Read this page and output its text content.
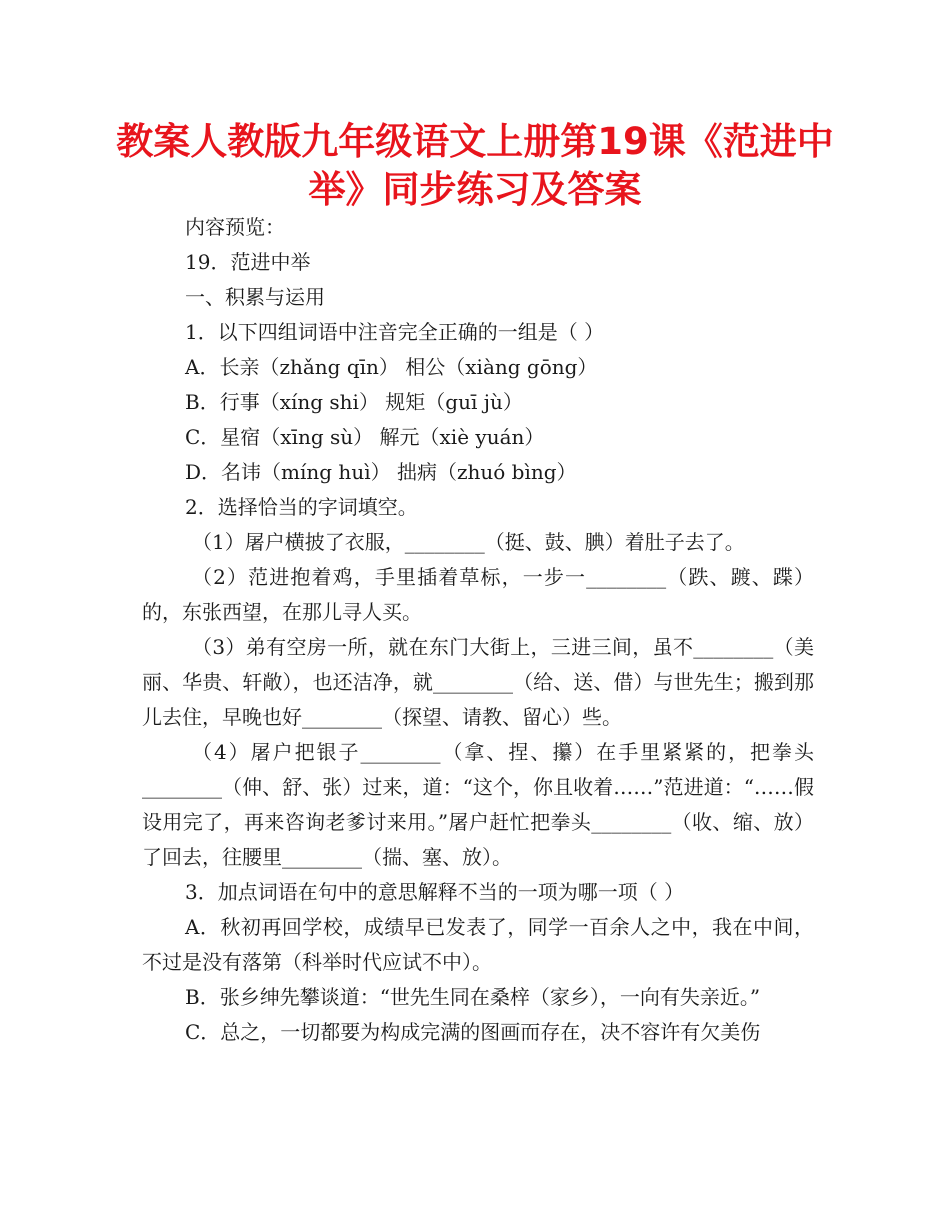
教案人教版九年级语文上册第19课《范进中举》同步练习及答案

内容预览：

19．范进中举

一、积累与运用

1．以下四组词语中注音完全正确的一组是（ ）

A．长亲（zhǎng qīn） 相公（xiàng gōng）

B．行事（xíng shi） 规矩（guī jù）

C．星宿（xīng sù） 解元（xiè yuán）

D．名讳（míng huì） 拙病（zhuó bìng）

2．选择恰当的字词填空。

（1）屠户横披了衣服，________（挺、鼓、腆）着肚子去了。

（2）范进抱着鸡，手里插着草标，一步一________（跌、踱、蹀）的，东张西望，在那儿寻人买。

（3）弟有空房一所，就在东门大街上，三进三间，虽不________（美丽、华贵、轩敞），也还洁净，就________（给、送、借）与世先生；搬到那儿去住，早晚也好________（探望、请教、留心）些。

（4）屠户把银子________（拿、捏、攥）在手里紧紧的，把拳头________（伸、舒、张）过来，道：“这个，你且收着……”范进道：“……假设用完了，再来咨询老爹讨来用。”屠户赶忙把拳头________（收、缩、放）了回去，往腰里________（揣、塞、放）。

3．加点词语在句中的意思解释不当的一项为哪一项（ ）

A．秋初再回学校，成绩早已发表了，同学一百余人之中，我在中间，不过是没有落第（科举时代应试不中）。

B．张乡绅先攀谈道：“世先生同在桑梓（家乡），一向有失亲近。”

C．总之，一切都要为构成完满的图画而存在，决不容许有欠美伤
